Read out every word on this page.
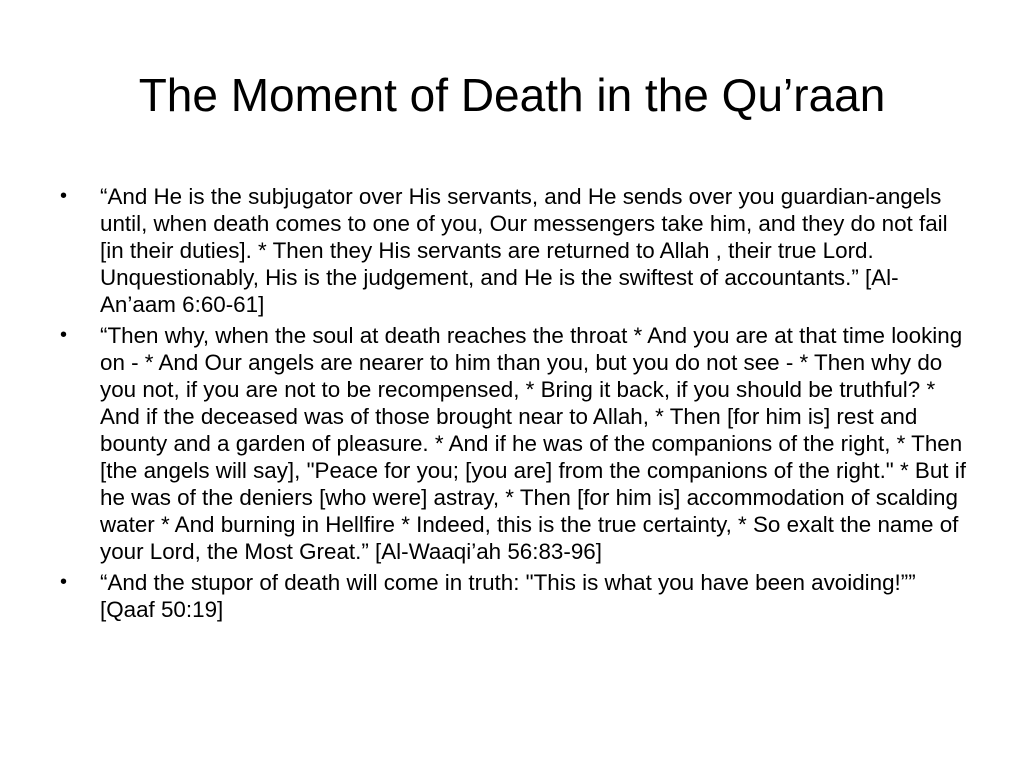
The Moment of Death in the Qu’raan
•	“And He is the subjugator over His servants, and He sends over you guardian-angels until, when death comes to one of you, Our messengers take him, and they do not fail [in their duties]. * Then they His servants are returned to Allah , their true Lord. Unquestionably, His is the judgement, and He is the swiftest of accountants.” [Al-An’aam 6:60-61]
•	“Then why, when the soul at death reaches the throat * And you are at that time looking on - * And Our angels are nearer to him than you, but you do not see - * Then why do you not, if you are not to be recompensed, * Bring it back, if you should be truthful? * And if the deceased was of those brought near to Allah, * Then [for him is] rest and bounty and a garden of pleasure. * And if he was of the companions of the right, * Then [the angels will say], "Peace for you; [you are] from the companions of the right." * But if he was of the deniers [who were] astray, * Then [for him is] accommodation of scalding water * And burning in Hellfire * Indeed, this is the true certainty, * So exalt the name of your Lord, the Most Great.” [Al-Waaqi’ah 56:83-96]
•	“And the stupor of death will come in truth: "This is what you have been avoiding!”” [Qaaf 50:19]
